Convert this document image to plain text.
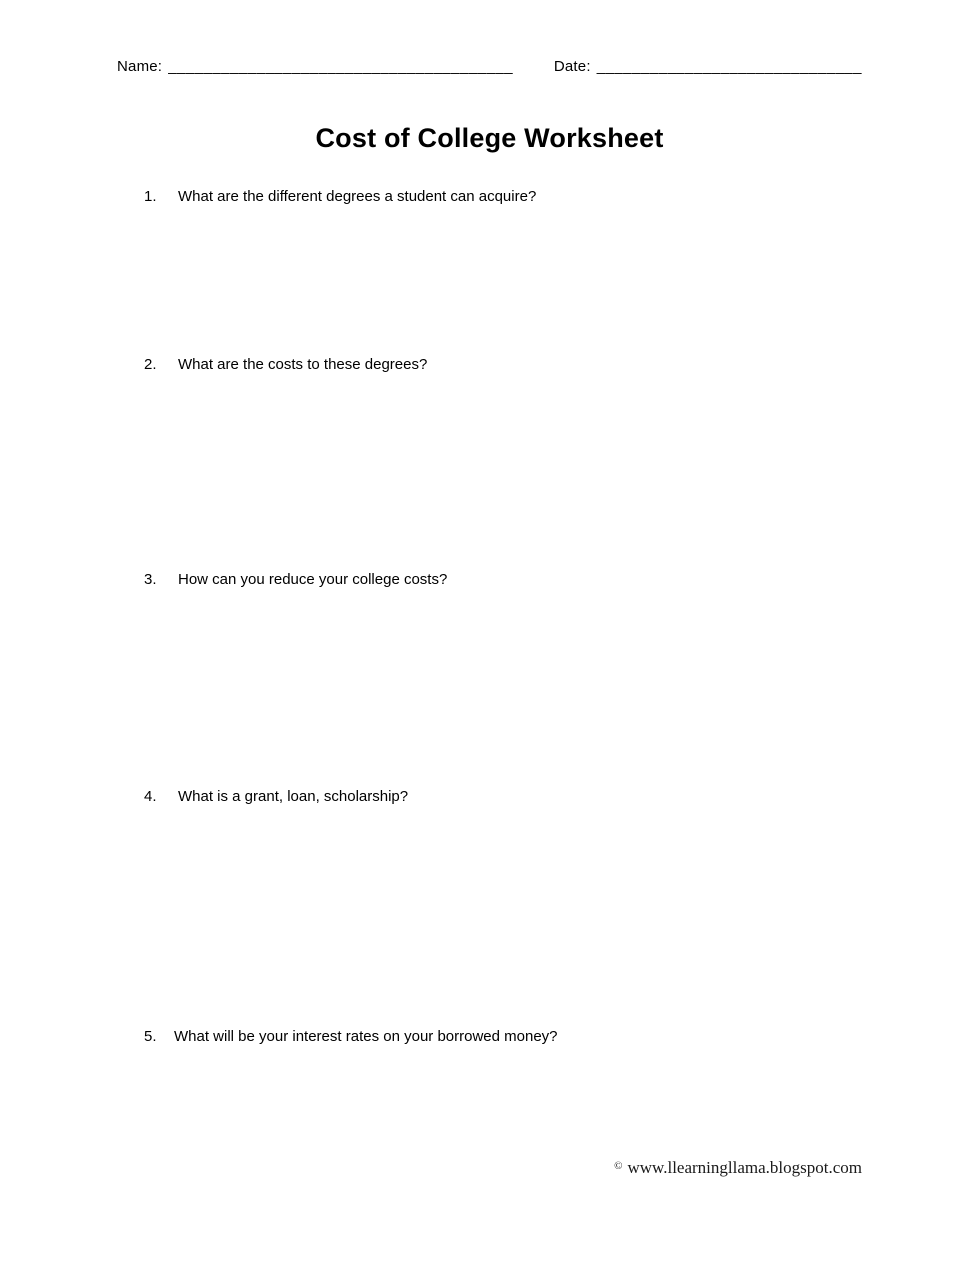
Name: _______________________________________	Date: ______________________________
Cost of College Worksheet
1.	What are the different degrees a student can acquire?
2.	What are the costs to these degrees?
3.	How can you reduce your college costs?
4.	What is a grant, loan, scholarship?
5.	What will be your interest rates on your borrowed money?
© www.llearningllama.blogspot.com
